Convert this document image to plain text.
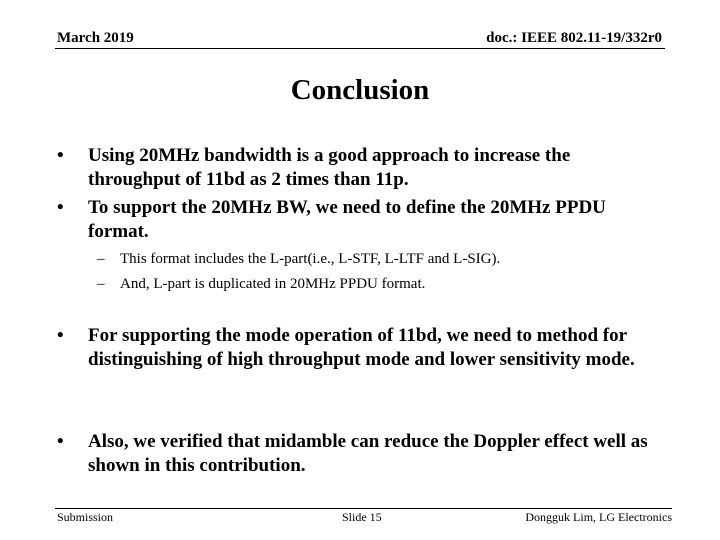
March 2019	doc.: IEEE 802.11-19/332r0
Conclusion
• Using 20MHz bandwidth is a good approach to increase the throughput of 11bd as 2 times than 11p.
• To support the 20MHz BW, we need to define the 20MHz PPDU format.
– This format includes the L-part(i.e., L-STF, L-LTF and L-SIG).
– And, L-part is duplicated in 20MHz PPDU format.
• For supporting the mode operation of 11bd, we need to method for distinguishing of high throughput mode and lower sensitivity mode.
• Also, we verified that midamble can reduce the Doppler effect well as shown in this contribution.
Submission	Slide 15	Dongguk Lim, LG Electronics
